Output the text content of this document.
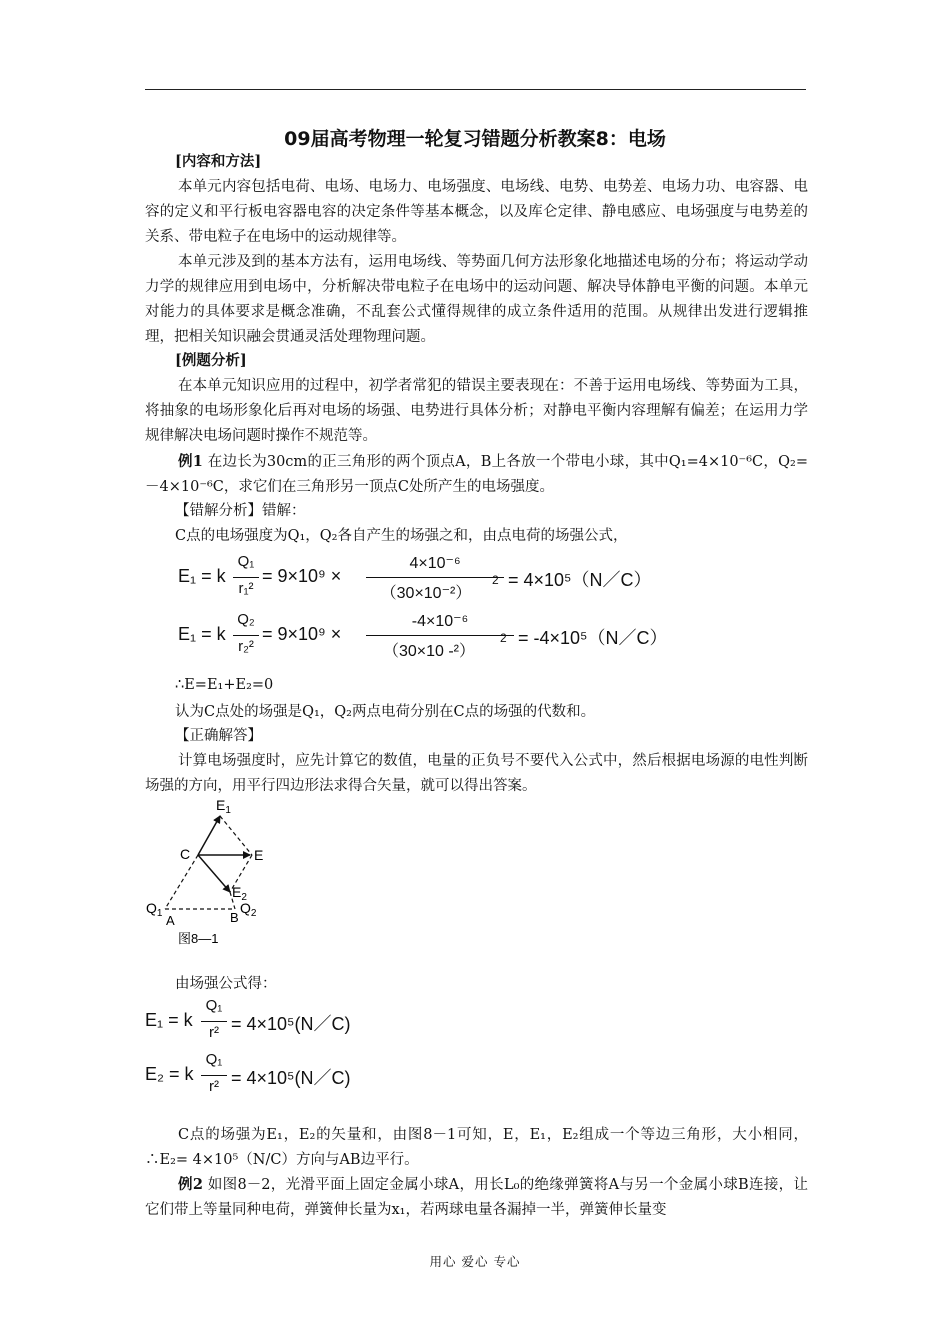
09届高考物理一轮复习错题分析教案8：电场
[内容和方法]
本单元内容包括电荷、电场、电场力、电场强度、电场线、电势、电势差、电场力功、电容器、电容的定义和平行板电容器电容的决定条件等基本概念，以及库仑定律、静电感应、电场强度与电势差的关系、带电粒子在电场中的运动规律等。
本单元涉及到的基本方法有，运用电场线、等势面几何方法形象化地描述电场的分布；将运动学动力学的规律应用到电场中，分析解决带电粒子在电场中的运动问题、解决导体静电平衡的问题。本单元对能力的具体要求是概念准确，不乱套公式懂得规律的成立条件适用的范围。从规律出发进行逻辑推理，把相关知识融会贯通灵活处理物理问题。
[例题分析]
在本单元知识应用的过程中，初学者常犯的错误主要表现在：不善于运用电场线、等势面为工具，将抽象的电场形象化后再对电场的场强、电势进行具体分析；对静电平衡内容理解有偏差；在运用力学规律解决电场问题时操作不规范等。
例1 在边长为30cm的正三角形的两个顶点A，B上各放一个带电小球，其中Q₁=4×10⁻⁶C，Q₂=－4×10⁻⁶C，求它们在三角形另一顶点C处所产生的电场强度。
【错解分析】错解：
C点的电场强度为Q₁，Q₂各自产生的场强之和，由点电荷的场强公式，
E₁ = k
Q₁
r₁²
= 9×10⁹ ×
4×10⁻⁶
（30×10⁻²）
2 = 4×10⁵（N／C）
E₁ = k
Q₂
r₂²
= 9×10⁹ ×
-4×10⁻⁶
（30×10 -²）
2 = -4×10⁵（N／C）
∴E=E₁+E₂=0
认为C点处的场强是Q₁，Q₂两点电荷分别在C点的场强的代数和。
【正确解答】
计算电场强度时，应先计算它的数值，电量的正负号不要代入公式中，然后根据电场源的电性判断场强的方向，用平行四边形法求得合矢量，就可以得出答案。
$E_1$
C	E
$E_2$
$Q_1$ A	B
$Q_2$
图8—1
由场强公式得：
E₁ = k
Q₁
r² = 4×10⁵(N／C)
E₂ = k
Q₁
r² = 4×10⁵(N／C)
C点的场强为E₁，E₂的矢量和，由图8－1可知，E，E₁，E₂组成一个等边三角形，大小相同，∴E₂= 4×10⁵（N/C）方向与AB边平行。
例2 如图8－2，光滑平面上固定金属小球A，用长L₀的绝缘弹簧将A与另一个金属小球B连接，让它们带上等量同种电荷，弹簧伸长量为x₁，若两球电量各漏掉一半，弹簧伸长量变
用心 爱心 专心
